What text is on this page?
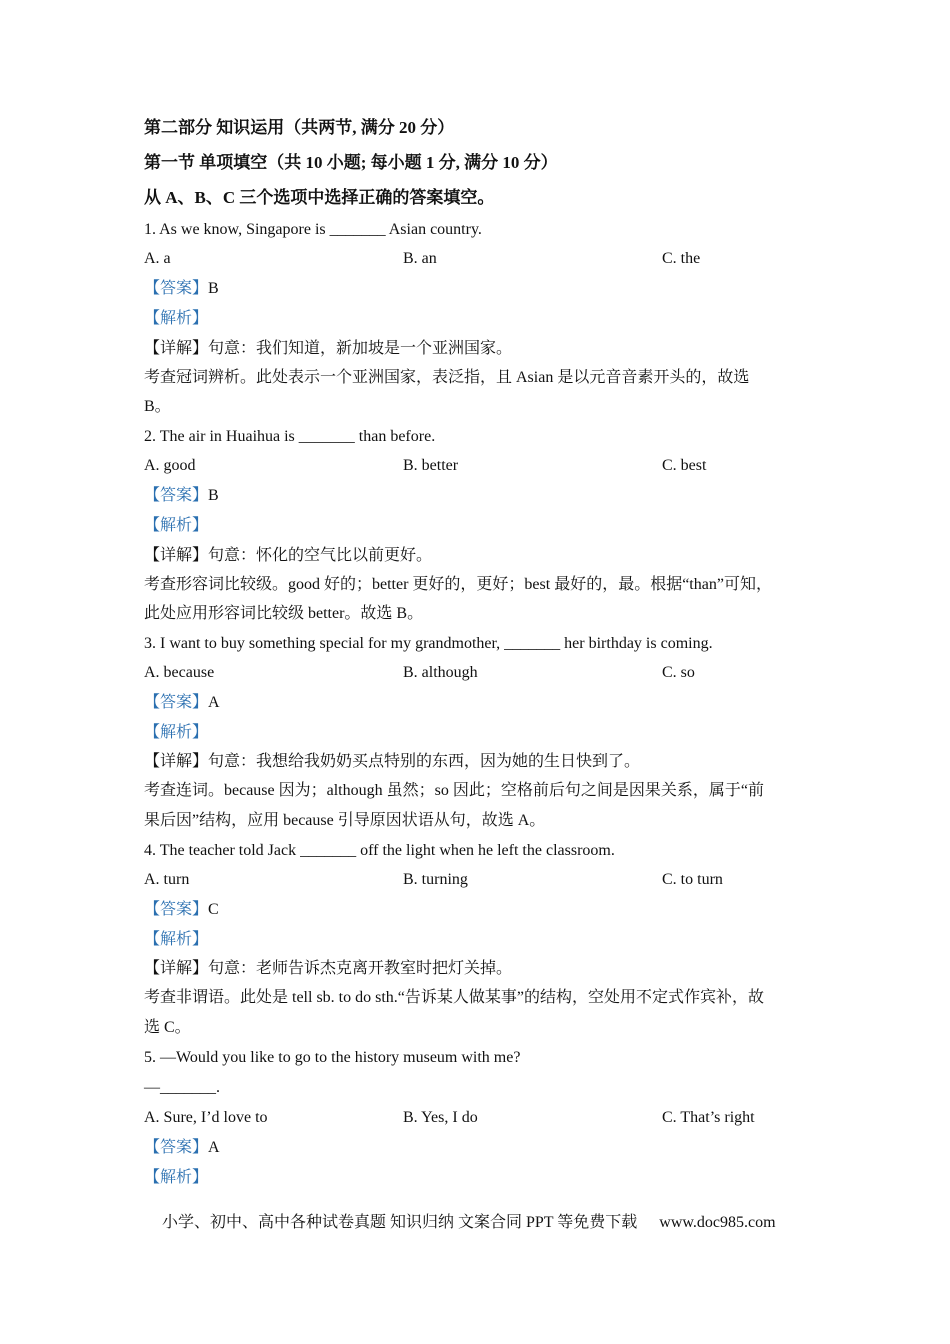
第二部分 知识运用（共两节, 满分 20 分）
第一节 单项填空（共 10 小题; 每小题 1 分, 满分 10 分）
从 A、B、C 三个选项中选择正确的答案填空。
1. As we know, Singapore is _______ Asian country.
A. a	B. an	C. the
【答案】B
【解析】
【详解】句意：我们知道，新加坡是一个亚洲国家。
考查冠词辨析。此处表示一个亚洲国家，表泛指，且 Asian 是以元音音素开头的，故选
B。
2. The air in Huaihua is _______ than before.
A. good	B. better	C. best
【答案】B
【解析】
【详解】句意：怀化的空气比以前更好。
考查形容词比较级。good 好的；better 更好的，更好；best 最好的，最。根据“than”可知，
此处应用形容词比较级 better。故选 B。
3. I want to buy something special for my grandmother, _______ her birthday is coming.
A. because	B. although	C. so
【答案】A
【解析】
【详解】句意：我想给我奶奶买点特别的东西，因为她的生日快到了。
考查连词。because 因为；although 虽然；so 因此；空格前后句之间是因果关系，属于“前
果后因”结构，应用 because 引导原因状语从句，故选 A。
4. The teacher told Jack _______ off the light when he left the classroom.
A. turn	B. turning	C. to turn
【答案】C
【解析】
【详解】句意：老师告诉杰克离开教室时把灯关掉。
考查非谓语。此处是 tell sb. to do sth.“告诉某人做某事”的结构，空处用不定式作宾补，故
选 C。
5. —Would you like to go to the history museum with me?
—_______.
A. Sure, I’d love to	B. Yes, I do	C. That’s right
【答案】A
【解析】
小学、初中、高中各种试卷真题 知识归纳 文案合同 PPT 等免费下载 www.doc985.com
